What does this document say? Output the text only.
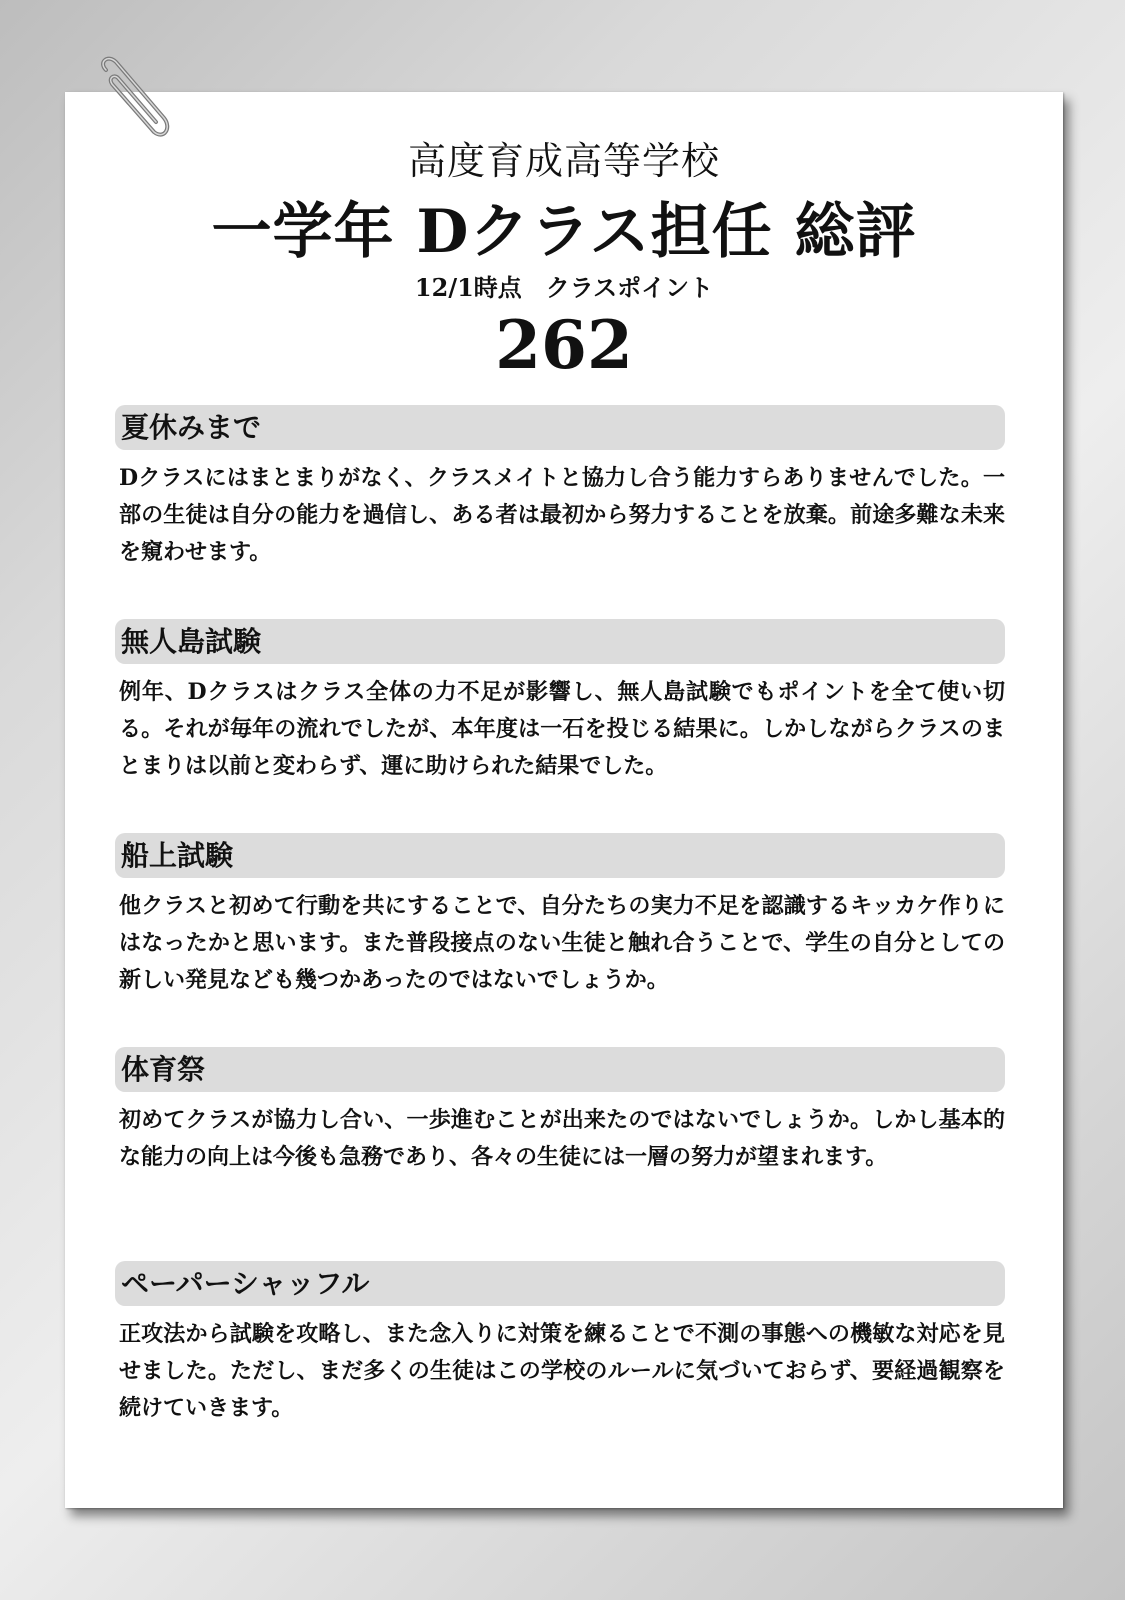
高度育成高等学校
一学年 Dクラス担任 総評
12/1時点　クラスポイント
262
夏休みまで
Dクラスにはまとまりがなく、クラスメイトと協力し合う能力すらありませんでした。一部の生徒は自分の能力を過信し、ある者は最初から努力することを放棄。前途多難な未来を窺わせます。
無人島試験
例年、Dクラスはクラス全体の力不足が影響し、無人島試験でもポイントを全て使い切る。それが毎年の流れでしたが、本年度は一石を投じる結果に。しかしながらクラスのまとまりは以前と変わらず、運に助けられた結果でした。
船上試験
他クラスと初めて行動を共にすることで、自分たちの実力不足を認識するキッカケ作りにはなったかと思います。また普段接点のない生徒と触れ合うことで、学生の自分としての新しい発見なども幾つかあったのではないでしょうか。
体育祭
初めてクラスが協力し合い、一歩進むことが出来たのではないでしょうか。しかし基本的な能力の向上は今後も急務であり、各々の生徒には一層の努力が望まれます。
ペーパーシャッフル
正攻法から試験を攻略し、また念入りに対策を練ることで不測の事態への機敏な対応を見せました。ただし、まだ多くの生徒はこの学校のルールに気づいておらず、要経過観察を続けていきます。
